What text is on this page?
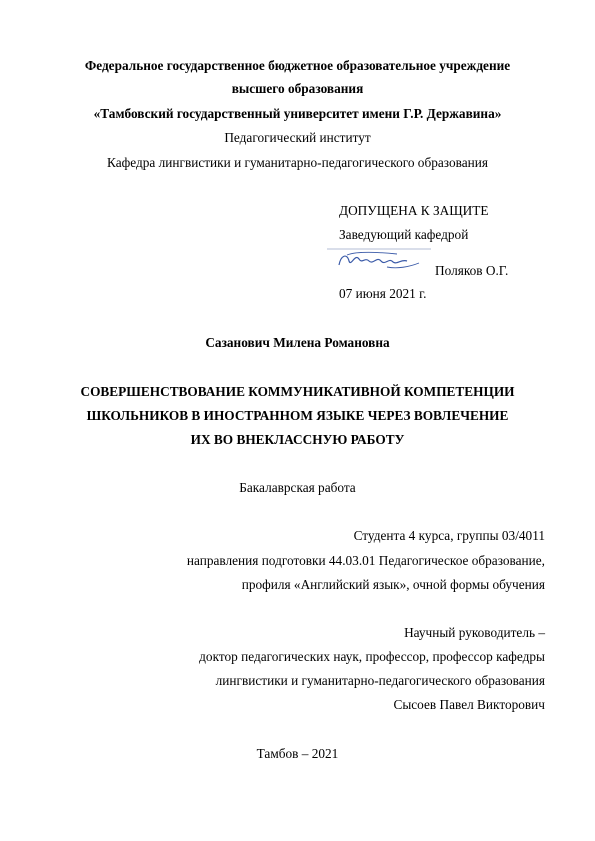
Федеральное государственное бюджетное образовательное учреждение
высшего образования
«Тамбовский государственный университет имени Г.Р. Державина»
Педагогический институт
Кафедра лингвистики и гуманитарно-педагогического образования
ДОПУЩЕНА К ЗАЩИТЕ
Заведующий кафедрой
Поляков О.Г.
07 июня 2021 г.
Сазанович Милена Романовна
СОВЕРШЕНСТВОВАНИЕ КОММУНИКАТИВНОЙ КОМПЕТЕНЦИИ
ШКОЛЬНИКОВ В ИНОСТРАННОМ ЯЗЫКЕ ЧЕРЕЗ ВОВЛЕЧЕНИЕ
ИХ ВО ВНЕКЛАССНУЮ РАБОТУ
Бакалаврская работа
Студента 4 курса, группы 03/4011
направления подготовки 44.03.01 Педагогическое образование,
профиля «Английский язык», очной формы обучения
Научный руководитель –
доктор педагогических наук, профессор, профессор кафедры
лингвистики и гуманитарно-педагогического образования
Сысоев Павел Викторович
Тамбов – 2021
